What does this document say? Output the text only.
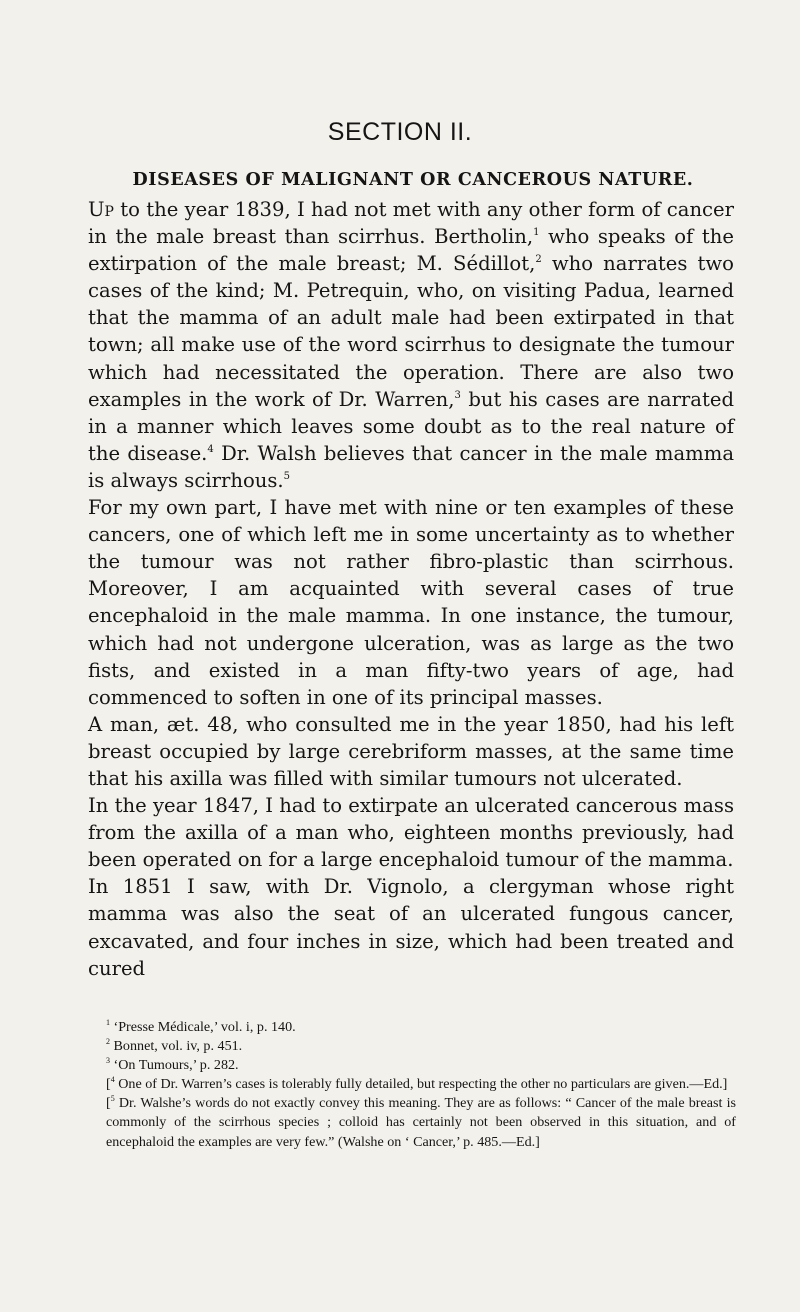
SECTION II.
DISEASES OF MALIGNANT OR CANCEROUS NATURE.

Up to the year 1839, I had not met with any other form of cancer in the male breast than scirrhus. Bertholin,$^1$ who speaks of the extirpation of the male breast; M. Sédillot,$^2$ who narrates two cases of the kind; M. Petrequin, who, on visiting Padua, learned that the mamma of an adult male had been extirpated in that town; all make use of the word scirrhus to designate the tumour which had necessitated the operation. There are also two examples in the work of Dr. Warren,$^3$ but his cases are narrated in a manner which leaves some doubt as to the real nature of the disease.$^4$ Dr. Walsh believes that cancer in the male mamma is always scirrhous.$^5$

For my own part, I have met with nine or ten examples of these cancers, one of which left me in some uncertainty as to whether the tumour was not rather fibro-plastic than scirrhous. Moreover, I am acquainted with several cases of true encephaloid in the male mamma. In one instance, the tumour, which had not undergone ulceration, was as large as the two fists, and existed in a man fifty-two years of age, had commenced to soften in one of its principal masses.

A man, æt. 48, who consulted me in the year 1850, had his left breast occupied by large cerebriform masses, at the same time that his axilla was filled with similar tumours not ulcerated.

In the year 1847, I had to extirpate an ulcerated cancerous mass from the axilla of a man who, eighteen months previously, had been operated on for a large encephaloid tumour of the mamma.

In 1851 I saw, with Dr. Vignolo, a clergyman whose right mamma was also the seat of an ulcerated fungous cancer, excavated, and four inches in size, which had been treated and cured

$^1$ ‘Presse Médicale,’ vol. i, p. 140.

$^2$ Bonnet, vol. iv, p. 451.

$^3$ ‘On Tumours,’ p. 282.

[$^4$ One of Dr. Warren’s cases is tolerably fully detailed, but respecting the other no particulars are given.—Ed.]

[$^5$ Dr. Walshe’s words do not exactly convey this meaning. They are as follows: “ Cancer of the male breast is commonly of the scirrhous species ; colloid has certainly not been observed in this situation, and of encephaloid the examples are very few.” (Walshe on ‘ Cancer,’ p. 485.—Ed.]
